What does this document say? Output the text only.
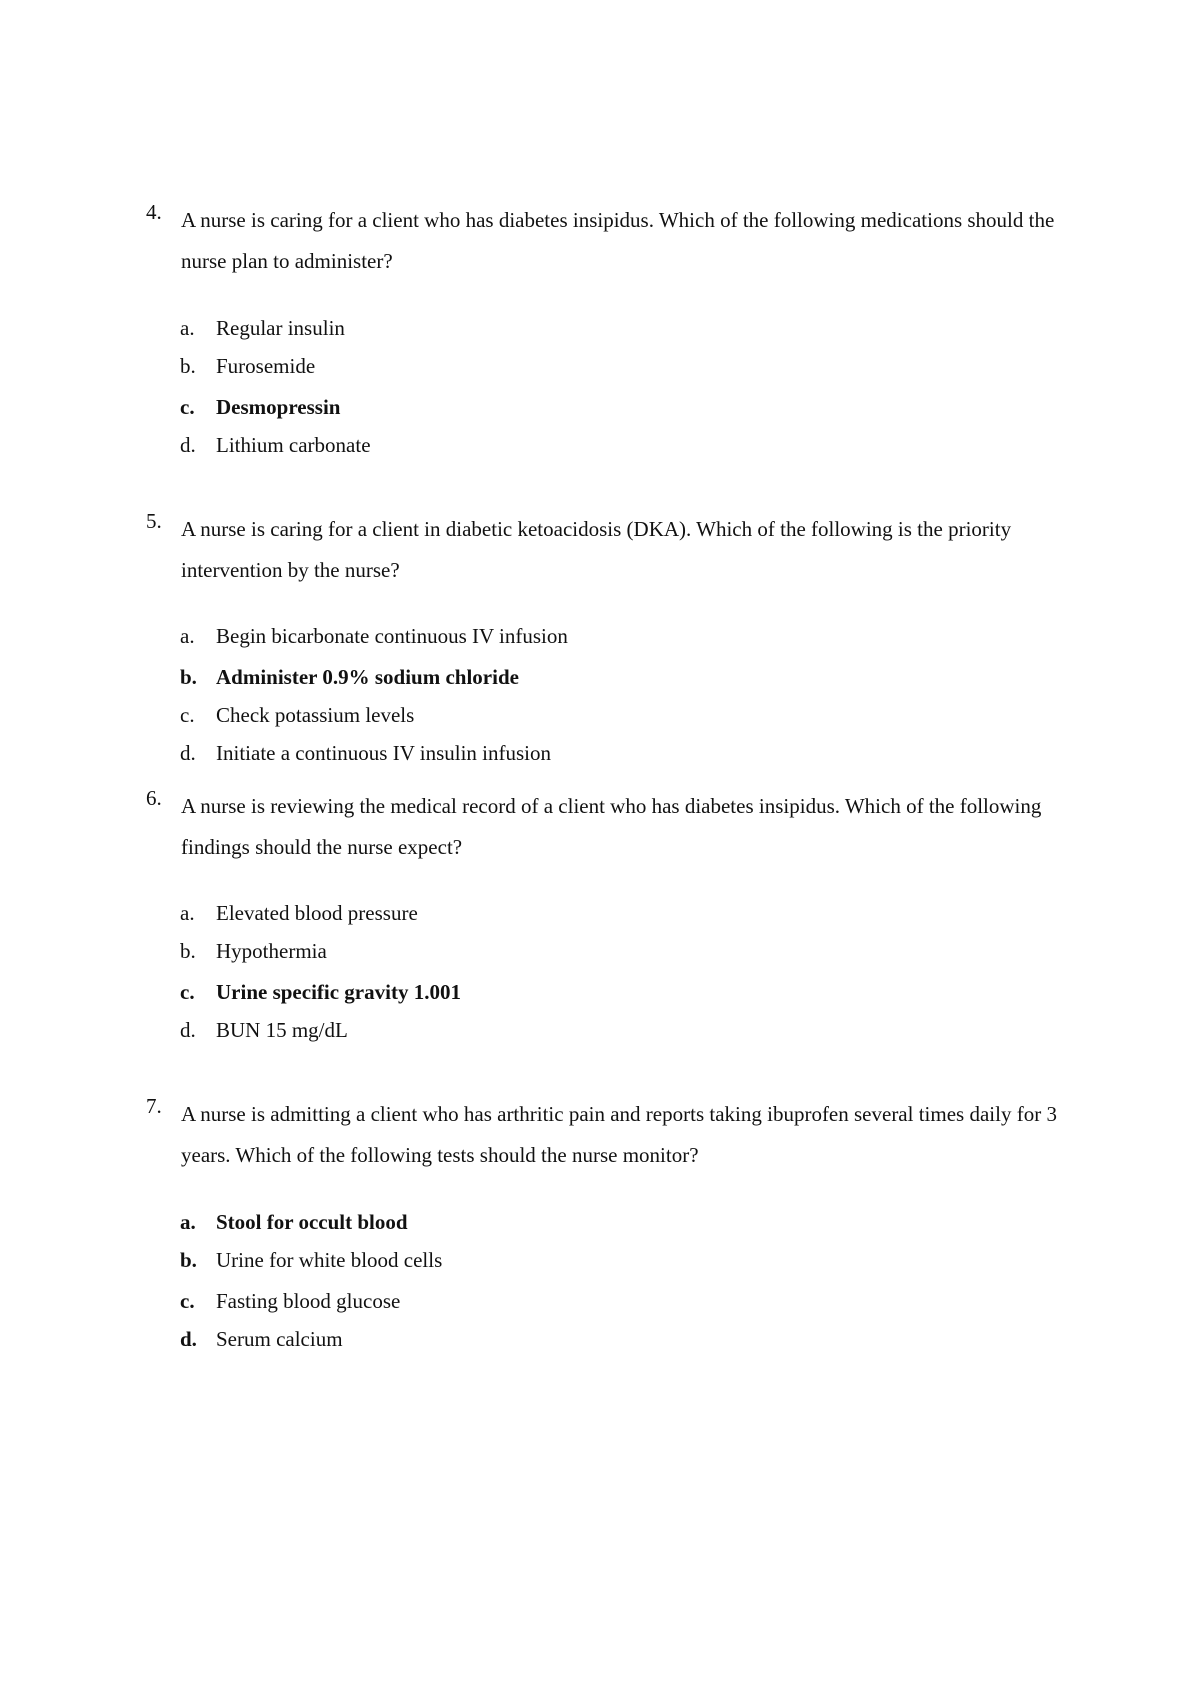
4. A nurse is caring for a client who has diabetes insipidus. Which of the following medications should the nurse plan to administer?
a.	Regular insulin
b. Furosemide
c.	Desmopressin
d. Lithium carbonate
5. A nurse is caring for a client in diabetic ketoacidosis (DKA). Which of the following is the priority intervention by the nurse?
a.	Begin bicarbonate continuous IV infusion
b. Administer 0.9% sodium chloride
c.	Check potassium levels
d. Initiate a continuous IV insulin infusion
6. A nurse is reviewing the medical record of a client who has diabetes insipidus. Which of the following findings should the nurse expect?
a.	Elevated blood pressure
b. Hypothermia
c.	Urine specific gravity 1.001
d. BUN 15 mg/dL
7. A nurse is admitting a client who has arthritic pain and reports taking ibuprofen several times daily for 3 years. Which of the following tests should the nurse monitor?
a. Stool for occult blood
b. Urine for white blood cells
c.	Fasting blood glucose
d. Serum calcium
